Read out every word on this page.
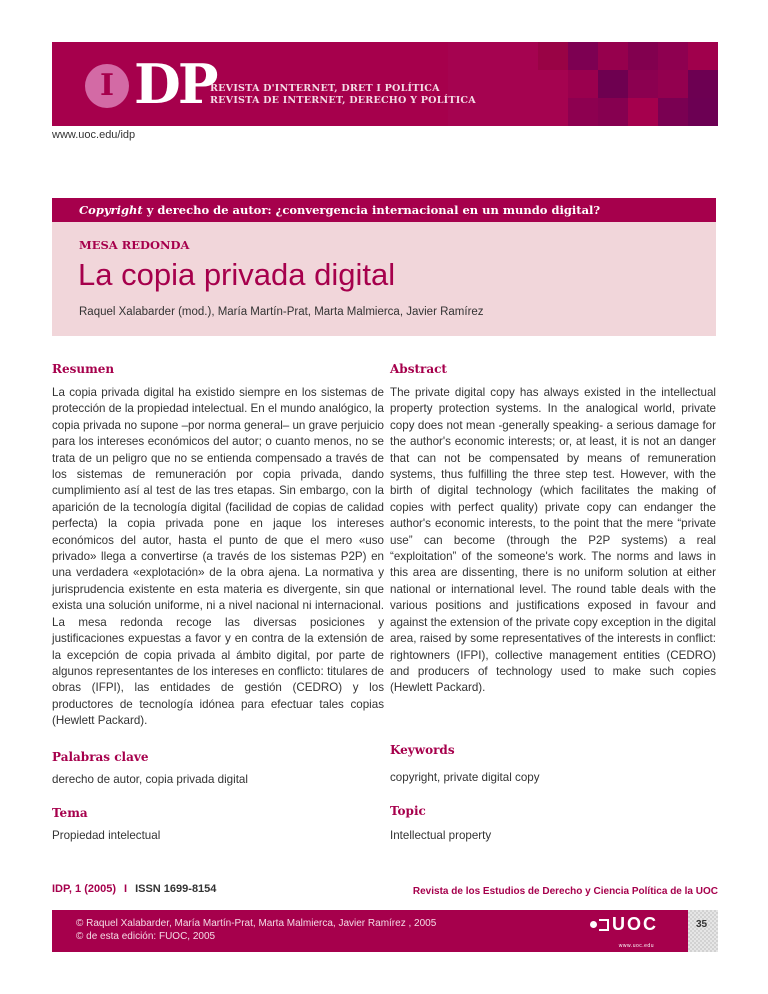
I DP
REVISTA D'INTERNET, DRET I POLÍTICA
REVISTA DE INTERNET, DERECHO Y POLÍTICA
www.uoc.edu/idp
Copyright y derecho de autor: ¿convergencia internacional en un mundo digital?
MESA REDONDA
La copia privada digital
Raquel Xalabarder (mod.), María Martín-Prat, Marta Malmierca, Javier Ramírez
Resumen
La copia privada digital ha existido siempre en los sistemas de protección de la propiedad intelectual. En el mundo analógico, la copia privada no supone –por norma general– un grave perjuicio para los intereses económicos del autor; o cuanto menos, no se trata de un peligro que no se entienda compensado a través de los sistemas de remuneración por copia privada, dando cumplimiento así al test de las tres etapas. Sin embargo, con la aparición de la tecnología digital (facilidad de copias de calidad perfecta) la copia privada pone en jaque los intereses económicos del autor, hasta el punto de que el mero «uso privado» llega a convertirse (a través de los sistemas P2P) en una verdadera «explotación» de la obra ajena. La normativa y jurisprudencia existente en esta materia es divergente, sin que exista una solución uniforme, ni a nivel nacional ni internacional. La mesa redonda recoge las diversas posiciones y justificaciones expuestas a favor y en contra de la extensión de la excepción de copia privada al ámbito digital, por parte de algunos representantes de los intereses en conflicto: titulares de obras (IFPI), las entidades de gestión (CEDRO) y los productores de tecnología idónea para efectuar tales copias (Hewlett Packard).
Palabras clave
derecho de autor, copia privada digital
Tema
Propiedad intelectual
Abstract
The private digital copy has always existed in the intellectual property protection systems. In the analogical world, private copy does not mean -generally speaking- a serious damage for the author's economic interests; or, at least, it is not an danger that can not be compensated by means of remuneration systems, thus fulfilling the three step test. However, with the birth of digital technology (which facilitates the making of copies with perfect quality) private copy can endanger the author's economic interests, to the point that the mere “private use” can become (through the P2P systems) a real “exploitation” of the someone's work. The norms and laws in this area are dissenting, there is no uniform solution at either national or international level. The round table deals with the various positions and justifications exposed in favour and against the extension of the private copy exception in the digital area, raised by some representatives of the interests in conflict: rightowners (IFPI), collective management entities (CEDRO) and producers of technology used to make such copies (Hewlett Packard).
Keywords
copyright, private digital copy
Topic
Intellectual property
IDP, 1 (2005) I ISSN 1699-8154	Revista de los Estudios de Derecho y Ciencia Política de la UOC
© Raquel Xalabarder, María Martín-Prat, Marta Malmierca, Javier Ramírez , 2005
© de esta edición: FUOC, 2005
UOC
www.uoc.edu
35
